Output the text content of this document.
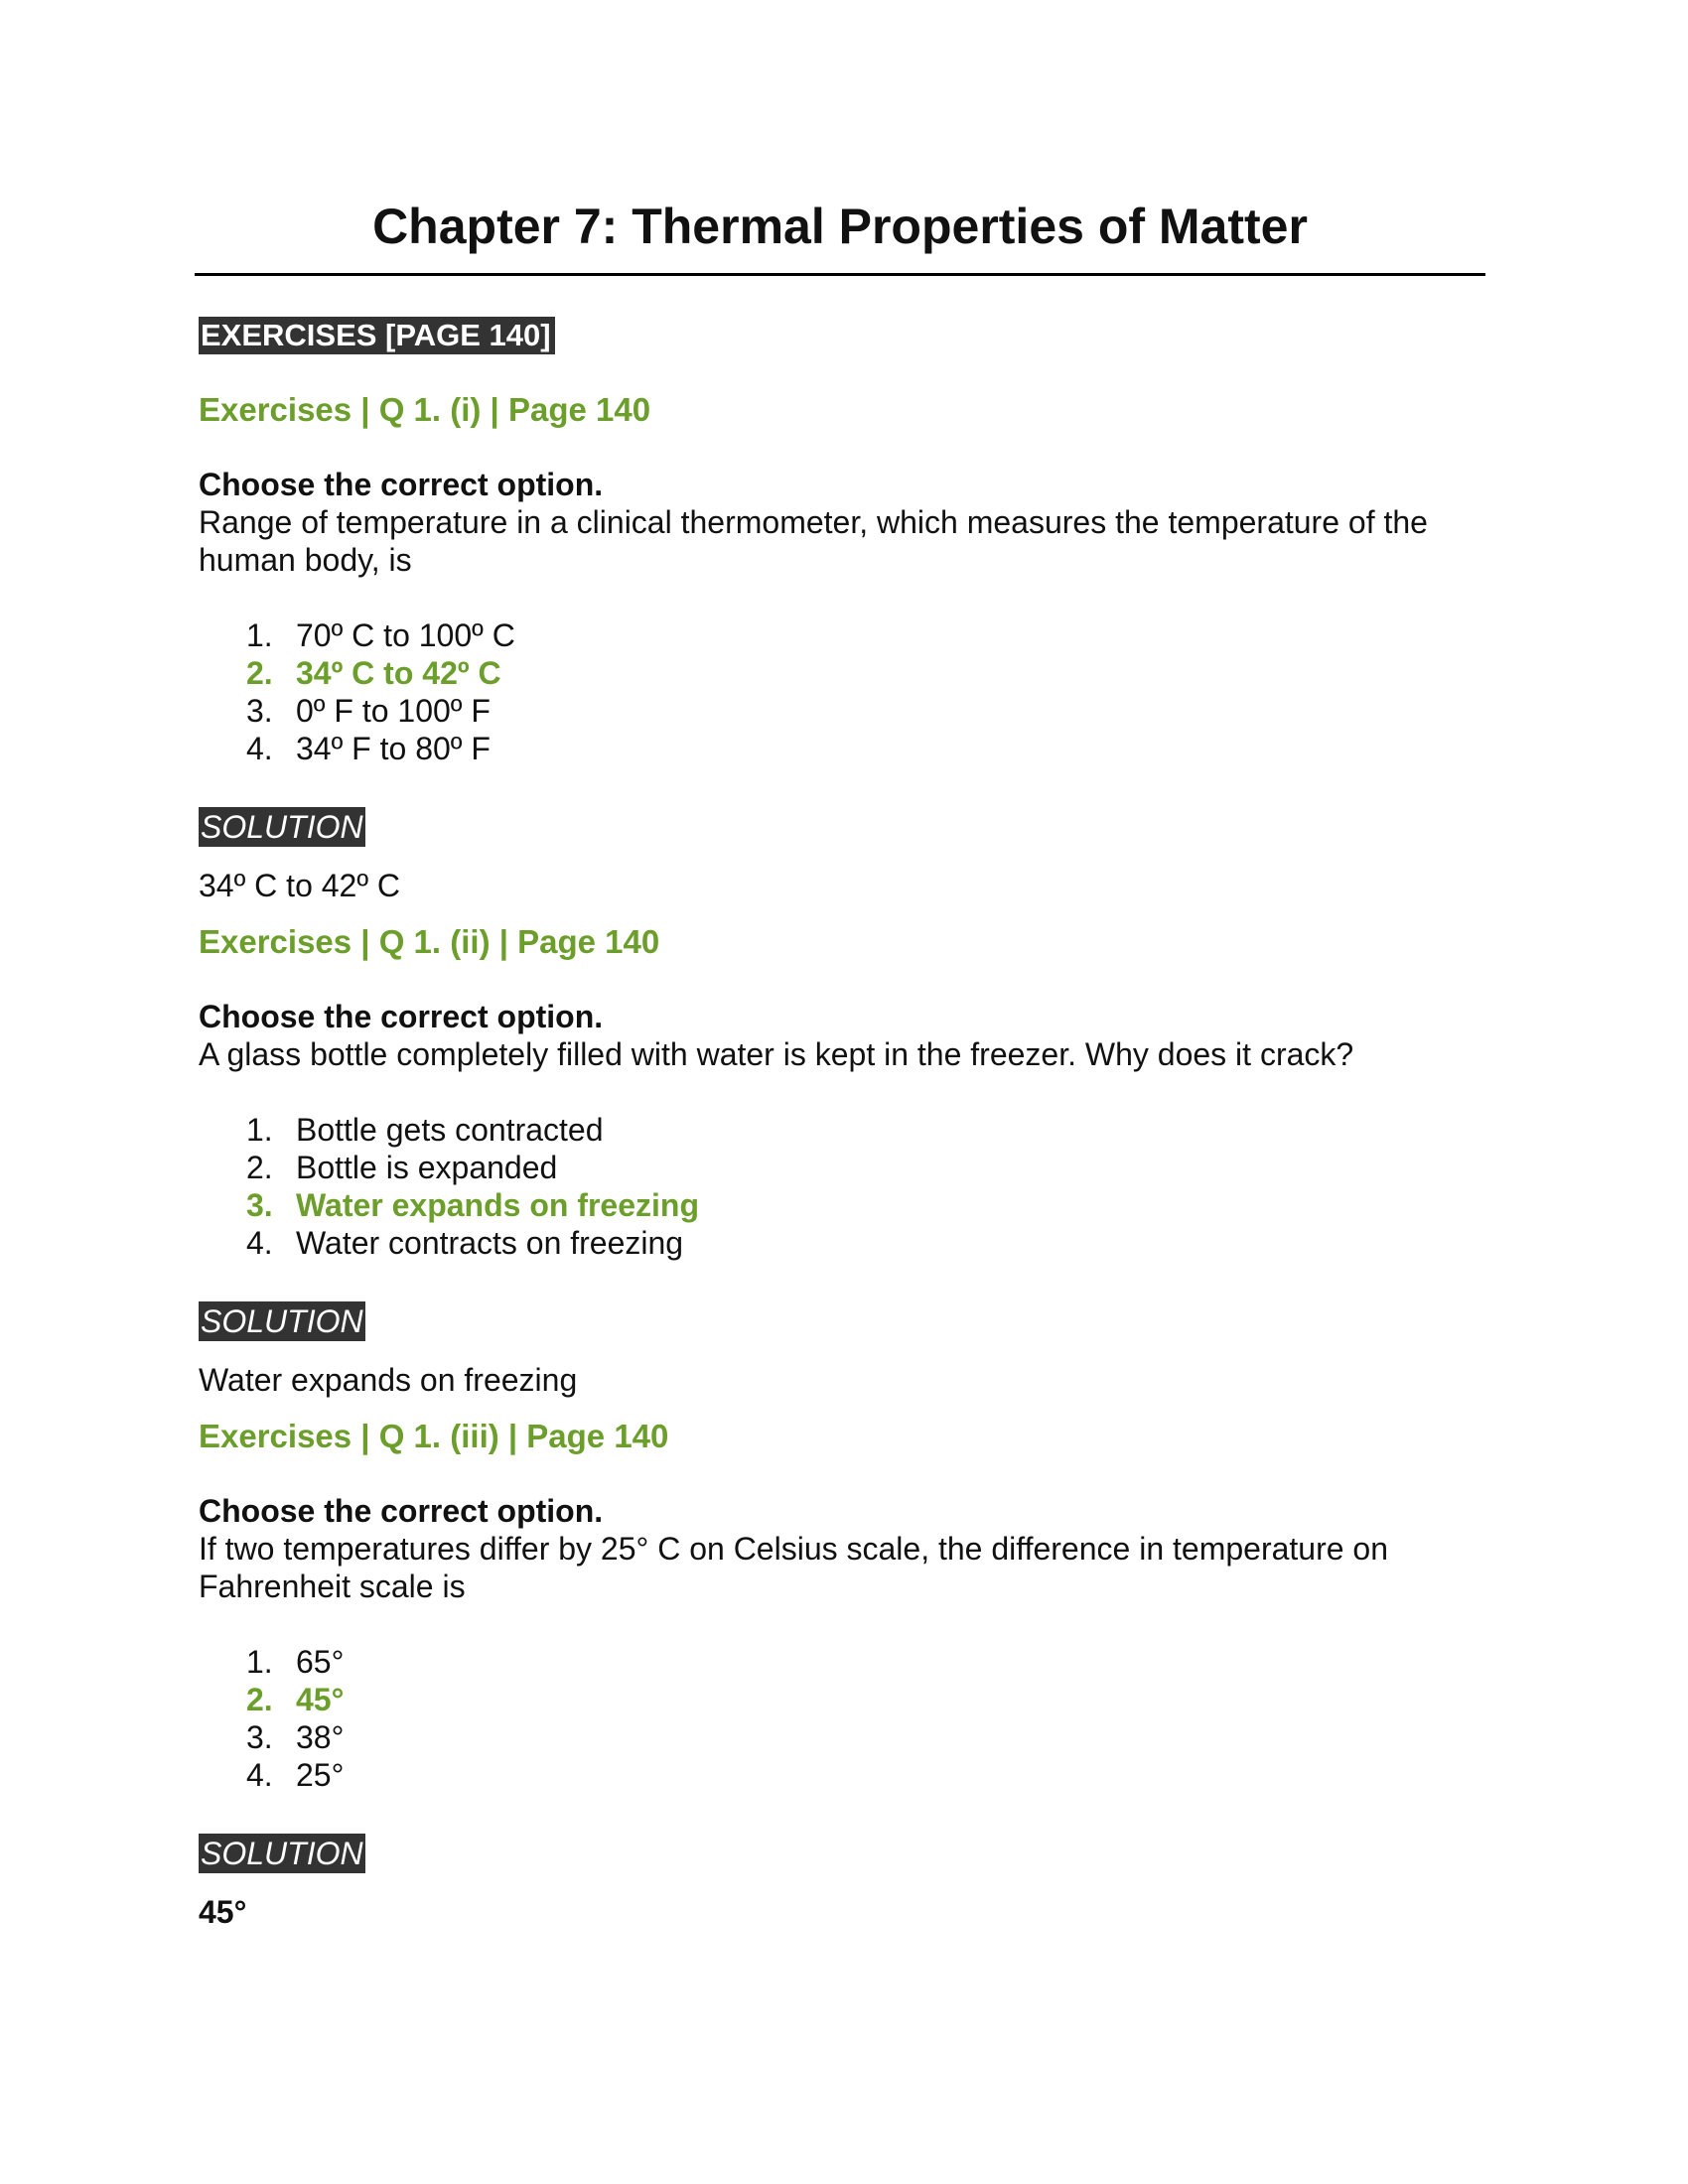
Chapter 7: Thermal Properties of Matter
EXERCISES [PAGE 140]
Exercises | Q 1. (i) | Page 140

Choose the correct option.

Range of temperature in a clinical thermometer, which measures the temperature of the human body, is

1. 70º C to 100º C
2. 34º C to 42º C
3. 0º F to 100º F
4. 34º F to 80º F
SOLUTION

34º C to 42º C

Exercises | Q 1. (ii) | Page 140

Choose the correct option.

A glass bottle completely filled with water is kept in the freezer. Why does it crack?

1. Bottle gets contracted
2. Bottle is expanded
3. Water expands on freezing
4. Water contracts on freezing
SOLUTION

Water expands on freezing

Exercises | Q 1. (iii) | Page 140

Choose the correct option.

If two temperatures differ by 25° C on Celsius scale, the difference in temperature on Fahrenheit scale is

1. 65°
2. 45°
3. 38°
4. 25°
SOLUTION

45°
